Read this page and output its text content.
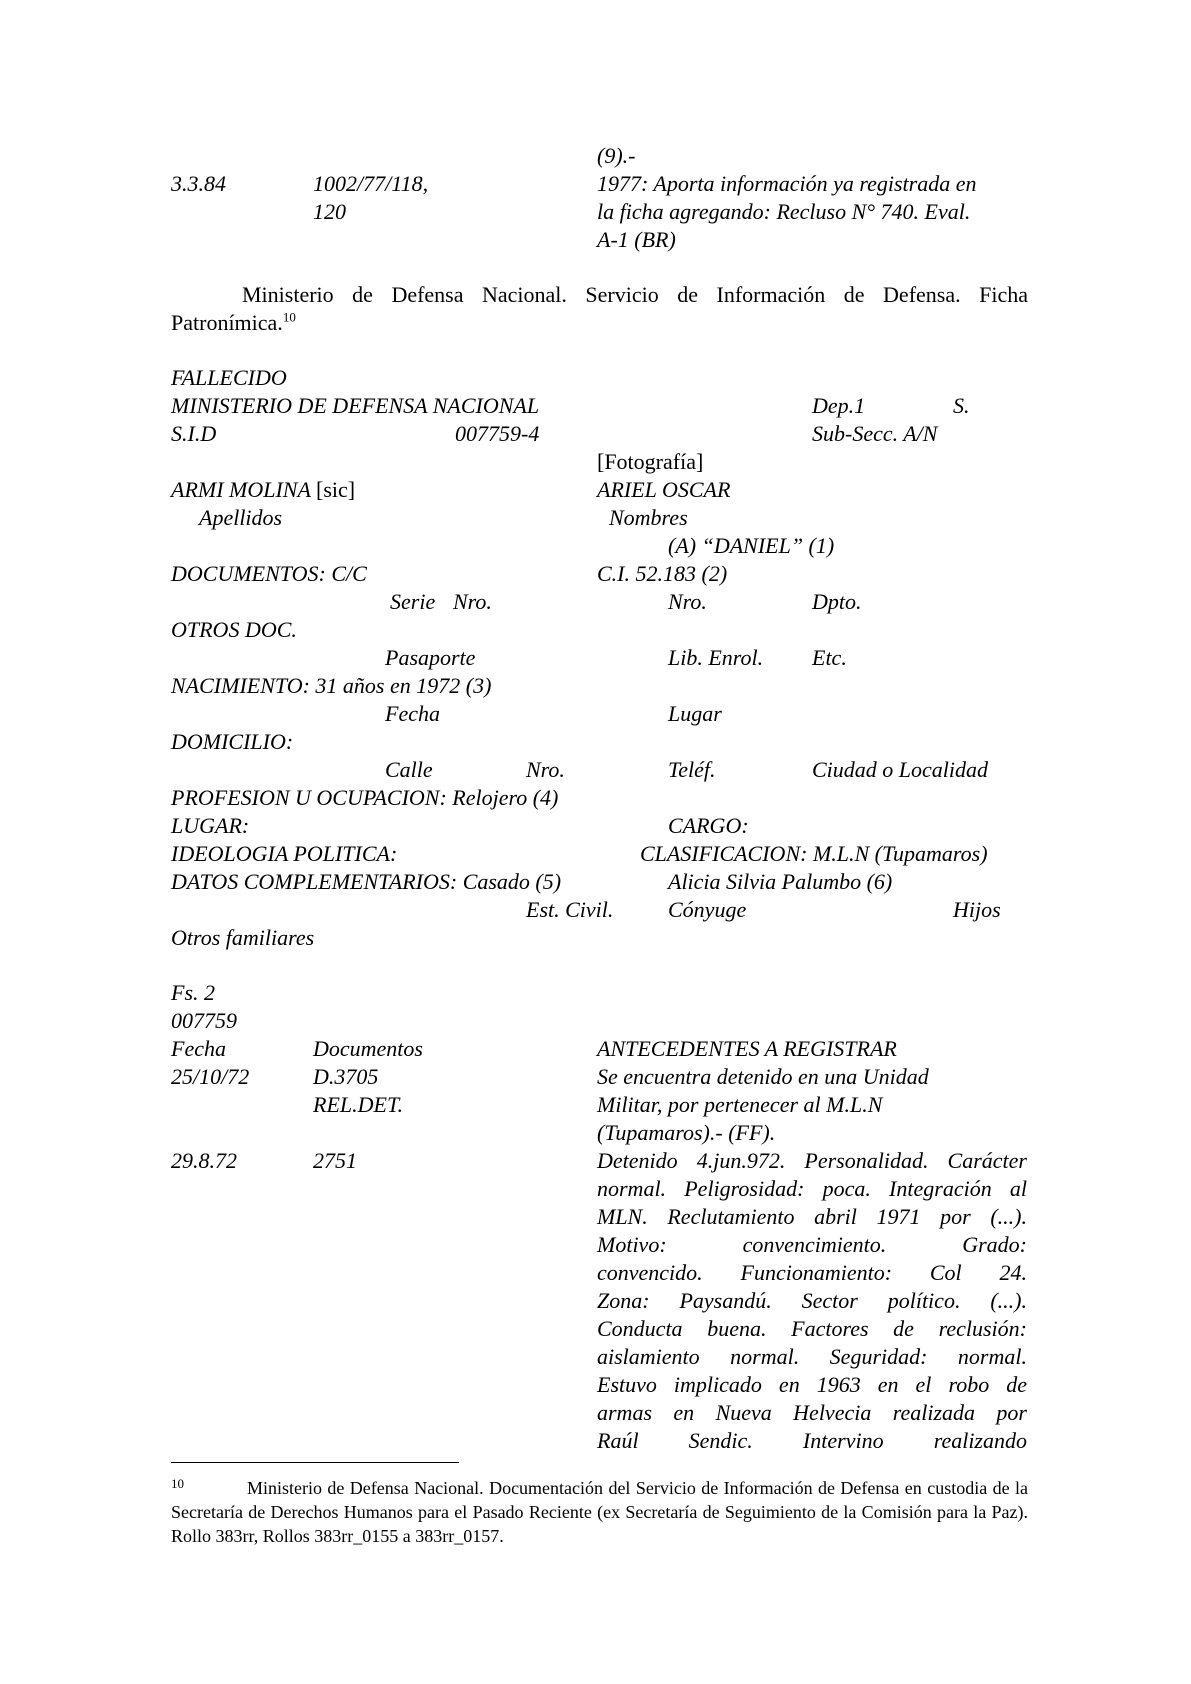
(9).-
3.3.84	1002/77/118,
120
1977: Aporta información ya registrada en
la ficha agregando: Recluso N° 740. Eval.
A-1 (BR)
Ministerio de Defensa Nacional. Servicio de Información de Defensa. Ficha
Patronímica.$^{10}$
FALLECIDO
MINISTERIO DE DEFENSA NACIONAL	Dep.1	S.
S.I.D	007759-4	Sub-Secc. A/N
[Fotografía]
ARMI MOLINA [sic]	ARIEL OSCAR
Apellidos	Nombres
(A) “DANIEL” (1)
DOCUMENTOS: C/C	C.I. 52.183 (2)
Serie Nro.	Nro.	Dpto.
OTROS DOC.
Pasaporte	Lib. Enrol. Etc.
NACIMIENTO: 31 años en 1972 (3)
Fecha	Lugar
DOMICILIO:
Calle	Nro.	Teléf.	Ciudad o Localidad
PROFESION U OCUPACION: Relojero (4)
LUGAR:	CARGO:
IDEOLOGIA POLITICA:	CLASIFICACION: M.L.N (Tupamaros)
DATOS COMPLEMENTARIOS: Casado (5)	Alicia Silvia Palumbo (6)
Est. Civil. Cónyuge	Hijos
Otros familiares
Fs. 2
007759
Fecha	Documentos	ANTECEDENTES A REGISTRAR
25/10/72	D.3705
REL.DET.
Se encuentra detenido en una Unidad
Militar, por pertenecer al M.L.N
(Tupamaros).- (FF).
29.8.72	2751	Detenido 4.jun.972. Personalidad. Carácter
normal. Peligrosidad: poca. Integración al
MLN. Reclutamiento abril 1971 por (...).
Motivo: convencimiento. Grado:
convencido. Funcionamiento: Col 24.
Zona: Paysandú. Sector político. (...).
Conducta buena. Factores de reclusión:
aislamiento normal. Seguridad: normal.
Estuvo implicado en 1963 en el robo de
armas en Nueva Helvecia realizada por
Raúl Sendic. Intervino realizando
10	Ministerio de Defensa Nacional. Documentación del Servicio de Información de Defensa en custodia de la Secretaría de Derechos Humanos para el Pasado Reciente (ex Secretaría de Seguimiento de la Comisión para la Paz). Rollo 383rr, Rollos 383rr_0155 a 383rr_0157.
